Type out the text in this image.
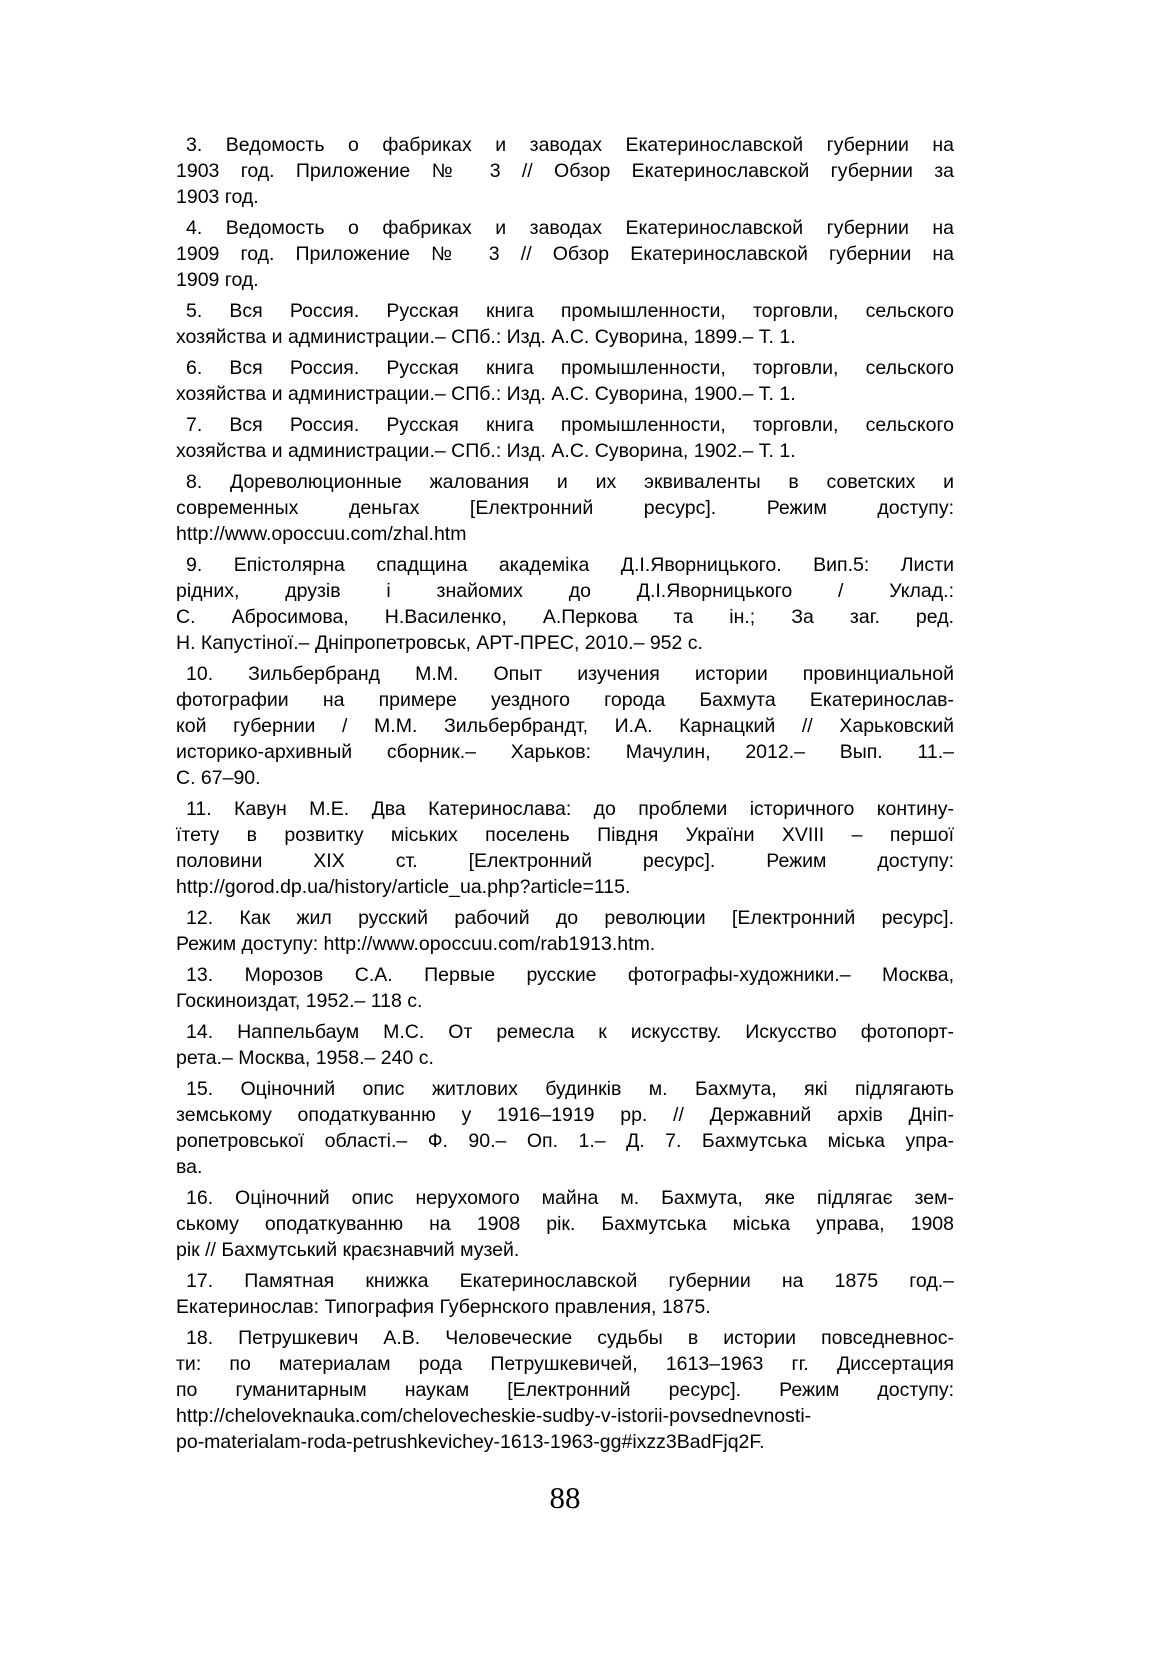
3. Ведомость о фабриках и заводах Екатеринославской губернии на
1903 год. Приложение № 3 // Обзор Екатеринославской губернии за
1903 год.
4. Ведомость о фабриках и заводах Екатеринославской губернии на
1909 год. Приложение № 3 // Обзор Екатеринославской губернии на
1909 год.
5. Вся Россия. Русская книга промышленности, торговли, сельского
хозяйства и администрации.– СПб.: Изд. А.С. Суворина, 1899.– Т. 1.
6. Вся Россия. Русская книга промышленности, торговли, сельского
хозяйства и администрации.– СПб.: Изд. А.С. Суворина, 1900.– Т. 1.
7. Вся Россия. Русская книга промышленности, торговли, сельского
хозяйства и администрации.– СПб.: Изд. А.С. Суворина, 1902.– Т. 1.
8. Дореволюционные жалования и их эквиваленты в советских и
современных деньгах [Електронний ресурс]. Режим доступу:
http://www.opoccuu.com/zhal.htm
9. Епістолярна спадщина академіка Д.І.Яворницького. Вип.5: Листи
рідних, друзів і знайомих до Д.І.Яворницького / Уклад.:
С. Абросимова, Н.Василенко, А.Перкова та ін.; За заг. ред.
Н. Капустіної.– Дніпропетровськ, АРТ-ПРЕС, 2010.– 952 с.
10. Зильбербранд М.М. Опыт изучения истории провинциальной
фотографии на примере уездного города Бахмута Екатеринослав-
кой губернии / М.М. Зильбербрандт, И.А. Карнацкий // Харьковский
историко-архивный сборник.– Харьков: Мачулин, 2012.– Вып. 11.–
С. 67–90.
11. Кавун М.Е. Два Катеринослава: до проблеми історичного контину-
їтету в розвитку міських поселень Півдня України XVIII – першої
половини XIX ст. [Електронний ресурс]. Режим доступу:
http://gorod.dp.ua/history/article_ua.php?article=115.
12. Как жил русский рабочий до революции [Електронний ресурс].
Режим доступу: http://www.opoccuu.com/rab1913.htm.
13. Морозов С.А. Первые русские фотографы-художники.– Москва,
Госкиноиздат, 1952.– 118 с.
14. Наппельбаум М.С. От ремесла к искусству. Искусство фотопорт-
рета.– Москва, 1958.– 240 с.
15. Оціночний опис житлових будинків м. Бахмута, які підлягають
земському оподаткуванню у 1916–1919 рр. // Державний архів Дніп-
ропетровської області.– Ф. 90.– Оп. 1.– Д. 7. Бахмутська міська упра-
ва.
16. Оціночний опис нерухомого майна м. Бахмута, яке підлягає зем-
ському оподаткуванню на 1908 рік. Бахмутська міська управа, 1908
рік // Бахмутський краєзнавчий музей.
17. Памятная книжка Екатеринославской губернии на 1875 год.–
Екатеринослав: Типография Губернского правления, 1875.
18. Петрушкевич А.В. Человеческие судьбы в истории повседневнос-
ти: по материалам рода Петрушкевичей, 1613–1963 гг. Диссертация
по гуманитарным наукам [Електронний ресурс]. Режим доступу:
http://cheloveknauka.com/chelovecheskie-sudby-v-istorii-povsednevnosti-
po-materialam-roda-petrushkevichey-1613-1963-gg#ixzz3BadFjq2F.
88
